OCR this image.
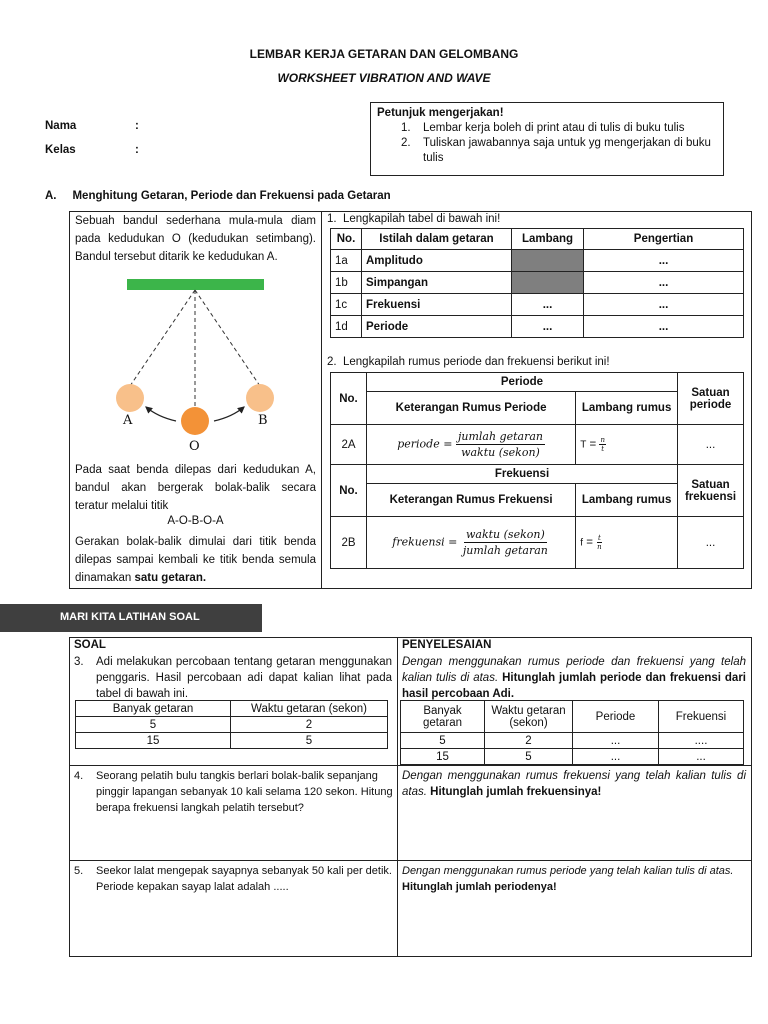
LEMBAR KERJA GETARAN DAN GELOMBANG
WORKSHEET VIBRATION AND WAVE
Nama	:
Kelas	:
Petunjuk mengerjakan!
1.	Lembar kerja boleh di print atau di tulis di buku tulis
2.	Tuliskan jawabannya saja untuk yg mengerjakan di buku tulis
A.     Menghitung Getaran, Periode dan Frekuensi pada Getaran
Sebuah bandul sederhana mula-mula diam pada kedudukan O (kedudukan setimbang). Bandul tersebut ditarik ke kedudukan A.
A	B
O
Pada saat benda dilepas dari kedudukan A, bandul akan bergerak bolak-balik secara teratur melalui titik
A-O-B-O-A
Gerakan bolak-balik dimulai dari titik benda dilepas sampai kembali ke titik benda semula dinamakan satu getaran.
1.  Lengkapilah tabel di bawah ini!
No.	Istilah dalam getaran	Lambang	Pengertian
1a	Amplitudo		...
1b	Simpangan		...
1c	Frekuensi	...	...
1d	Periode	...	...
2.  Lengkapilah rumus periode dan frekuensi berikut ini!
No.	Periode		Satuan periode
	Keterangan Rumus Periode	Lambang rumus	
2A	periode = $\frac{\text{jumlah getaran}}{\text{waktu (sekon)}}$	$T = \frac{n}{t}$	...
No.	Frekuensi		Satuan frekuensi
	Keterangan Rumus Frekuensi	Lambang rumus	
2B	frekuensi = $\frac{\text{waktu (sekon)}}{\text{jumlah getaran}}$	$f = \frac{t}{n}$	...
MARI KITA LATIHAN SOAL
SOAL	PENYELESAIAN
3.	Adi melakukan percobaan tentang getaran menggunakan penggaris. Hasil percobaan adi dapat kalian lihat pada tabel di bawah ini.
Banyak getaran	Waktu getaran (sekon)
5	2
15	5
Dengan menggunakan rumus periode dan frekuensi yang telah kalian tulis di atas. Hitunglah jumlah periode dan frekuensi dari hasil percobaan Adi.
Banyak getaran	Waktu getaran (sekon)	Periode	Frekuensi
5	2	...	....
15	5	...	...
4.	Seorang pelatih bulu tangkis berlari bolak-balik sepanjang pinggir lapangan sebanyak 10 kali selama 120 sekon. Hitung berapa frekuensi langkah pelatih tersebut?
Dengan menggunakan rumus frekuensi yang telah kalian tulis di atas. Hitunglah jumlah frekuensinya!
5.	Seekor lalat mengepak sayapnya sebanyak 50 kali per detik. Periode kepakan sayap lalat adalah .....
Dengan menggunakan rumus periode yang telah kalian tulis di atas.
Hitunglah jumlah periodenya!
